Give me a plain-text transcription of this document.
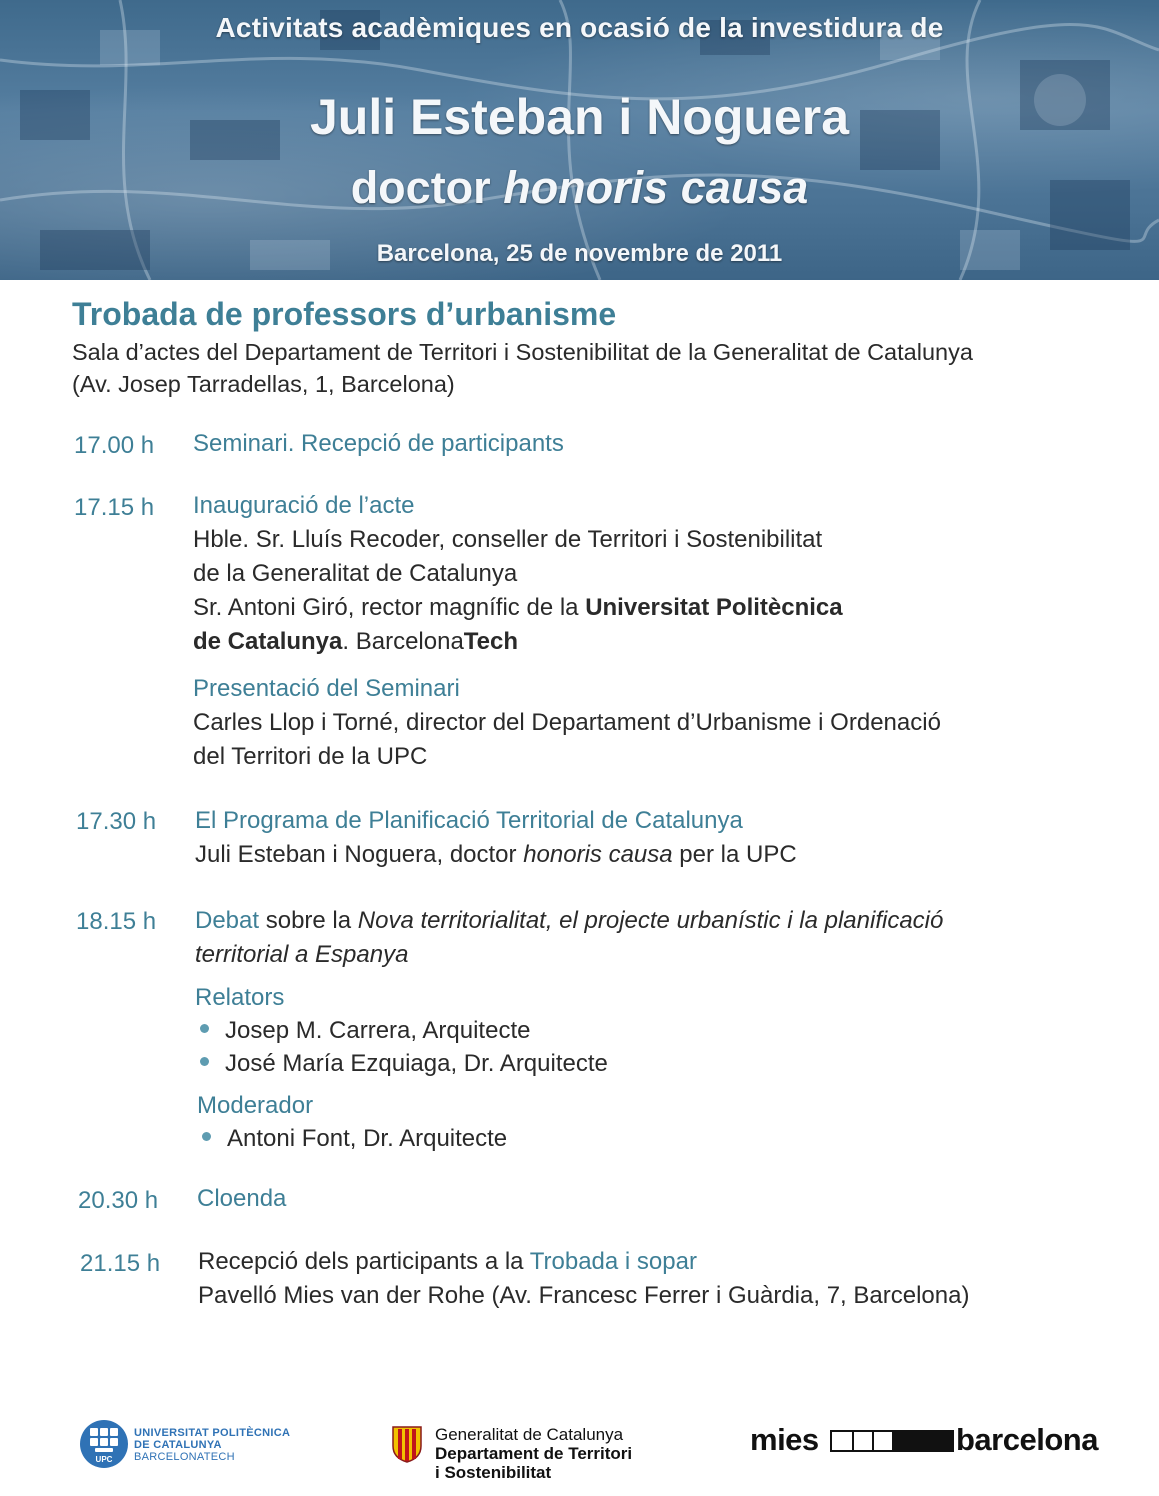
Activitats acadèmiques en ocasió de la investidura de
Juli Esteban i Noguera
doctor honoris causa
Barcelona, 25 de novembre de 2011
Trobada de professors d’urbanisme
Sala d’actes del Departament de Territori i Sostenibilitat de la Generalitat de Catalunya
(Av. Josep Tarradellas, 1, Barcelona)
17.00 h Seminari. Recepció de participants
17.15 h Inauguració de l’acte
Hble. Sr. Lluís Recoder, conseller de Territori i Sostenibilitat
de la Generalitat de Catalunya
Sr. Antoni Giró, rector magnífic de la Universitat Politècnica
de Catalunya. BarcelonaTech
Presentació del Seminari
Carles Llop i Torné, director del Departament d’Urbanisme i Ordenació
del Territori de la UPC
17.30 h El Programa de Planificació Territorial de Catalunya
Juli Esteban i Noguera, doctor honoris causa per la UPC
18.15 h Debat sobre la Nova territorialitat, el projecte urbanístic i la planificació
territorial a Espanya
Relators
Josep M. Carrera, Arquitecte
José María Ezquiaga, Dr. Arquitecte
Moderador
Antoni Font, Dr. Arquitecte
20.30 h Cloenda
21.15 h Recepció dels participants a la Trobada i sopar
Pavelló Mies van der Rohe (Av. Francesc Ferrer i Guàrdia, 7, Barcelona)
UPC
UNIVERSITAT POLITÈCNICA
DE CATALUNYA
BARCELONATECH
Generalitat de Catalunya
Departament de Territori
i Sostenibilitat
mies	barcelona
